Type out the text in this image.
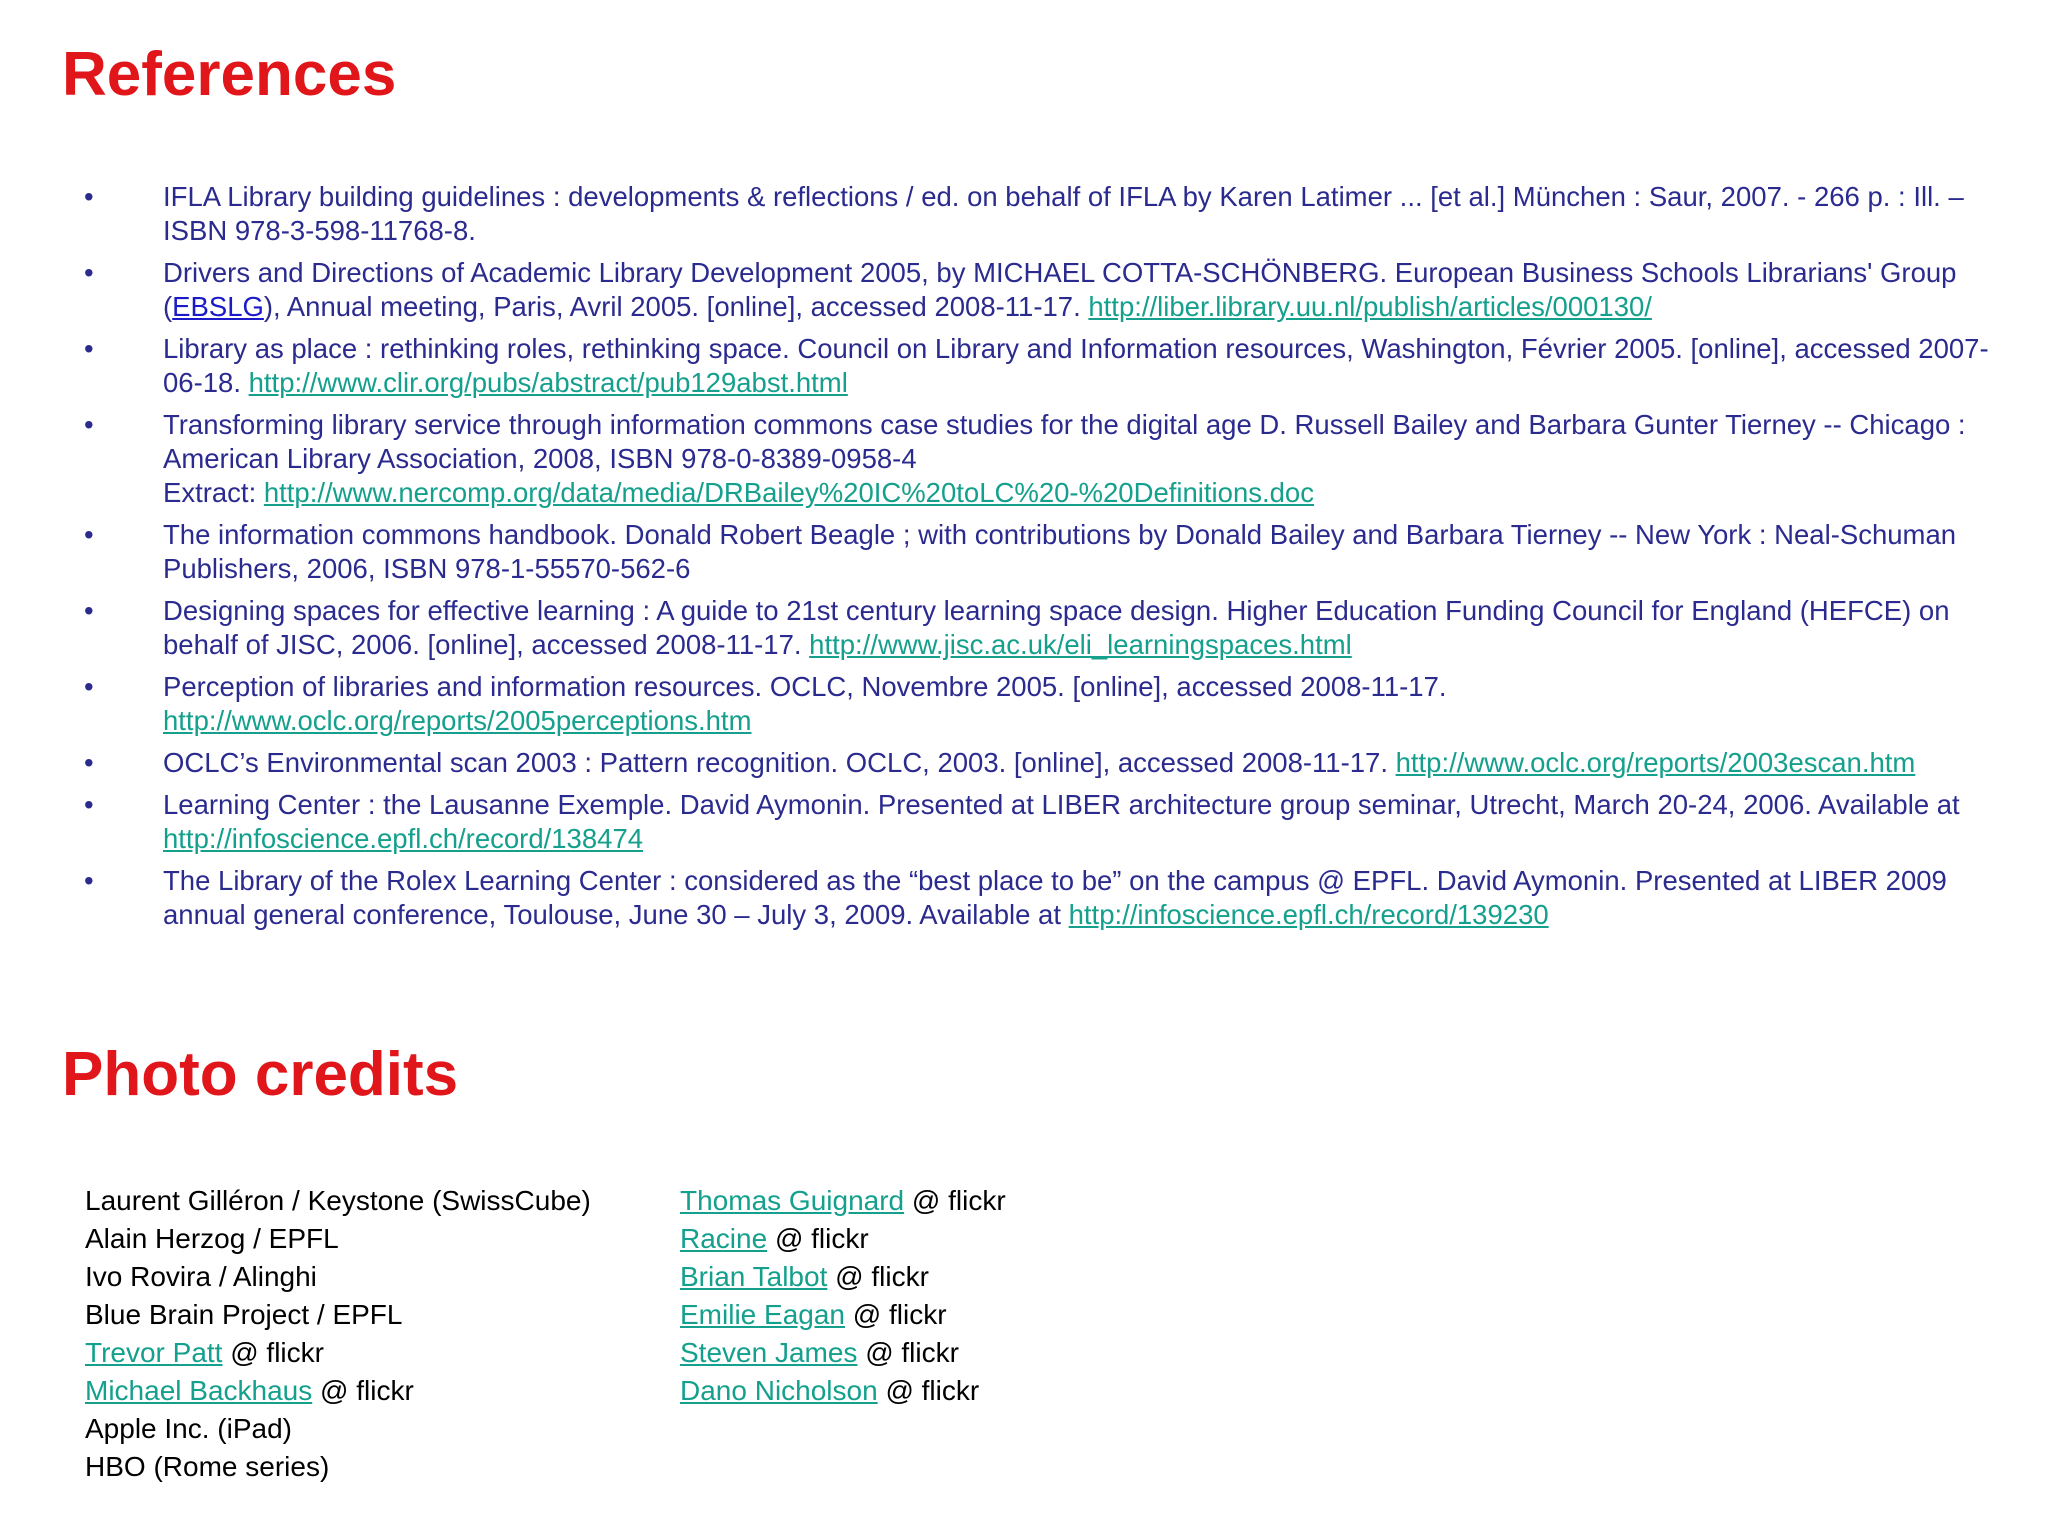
References
•	IFLA Library building guidelines : developments & reflections / ed. on behalf of IFLA by Karen Latimer ... [et al.] München : Saur, 2007. - 266 p. : Ill. – ISBN 978-3-598-11768-8.
•	Drivers and Directions of Academic Library Development 2005, by MICHAEL COTTA-SCHÖNBERG. European Business Schools Librarians' Group (EBSLG), Annual meeting, Paris, Avril 2005. [online], accessed 2008-11-17. http://liber.library.uu.nl/publish/articles/000130/
•	Library as place : rethinking roles, rethinking space. Council on Library and Information resources, Washington, Février 2005. [online], accessed 2007-06-18. http://www.clir.org/pubs/abstract/pub129abst.html
•	Transforming library service through information commons case studies for the digital age D. Russell Bailey and Barbara Gunter Tierney -- Chicago : American Library Association, 2008, ISBN 978-0-8389-0958-4
Extract: http://www.nercomp.org/data/media/DRBailey%20IC%20toLC%20-%20Definitions.doc
•	The information commons handbook. Donald Robert Beagle ; with contributions by Donald Bailey and Barbara Tierney -- New York : Neal-Schuman Publishers, 2006, ISBN 978-1-55570-562-6
•	Designing spaces for effective learning : A guide to 21st century learning space design. Higher Education Funding Council for England (HEFCE) on behalf of JISC, 2006. [online], accessed 2008-11-17. http://www.jisc.ac.uk/eli_learningspaces.html
•	Perception of libraries and information resources. OCLC, Novembre 2005. [online], accessed 2008-11-17. http://www.oclc.org/reports/2005perceptions.htm
•	OCLC’s Environmental scan 2003 : Pattern recognition. OCLC, 2003. [online], accessed 2008-11-17. http://www.oclc.org/reports/2003escan.htm
•	Learning Center : the Lausanne Exemple. David Aymonin. Presented at LIBER architecture group seminar, Utrecht, March 20-24, 2006. Available at http://infoscience.epfl.ch/record/138474
•	The Library of the Rolex Learning Center : considered as the “best place to be” on the campus @ EPFL. David Aymonin. Presented at LIBER 2009 annual general conference, Toulouse, June 30 – July 3, 2009. Available at http://infoscience.epfl.ch/record/139230
Photo credits
Laurent Gilléron / Keystone (SwissCube)
Alain Herzog / EPFL
Ivo Rovira / Alinghi
Blue Brain Project / EPFL
Trevor Patt @ flickr
Michael Backhaus @ flickr
Apple Inc. (iPad)
HBO (Rome series)
Thomas Guignard @ flickr
Racine @ flickr
Brian Talbot @ flickr
Emilie Eagan @ flickr
Steven James @ flickr
Dano Nicholson @ flickr
